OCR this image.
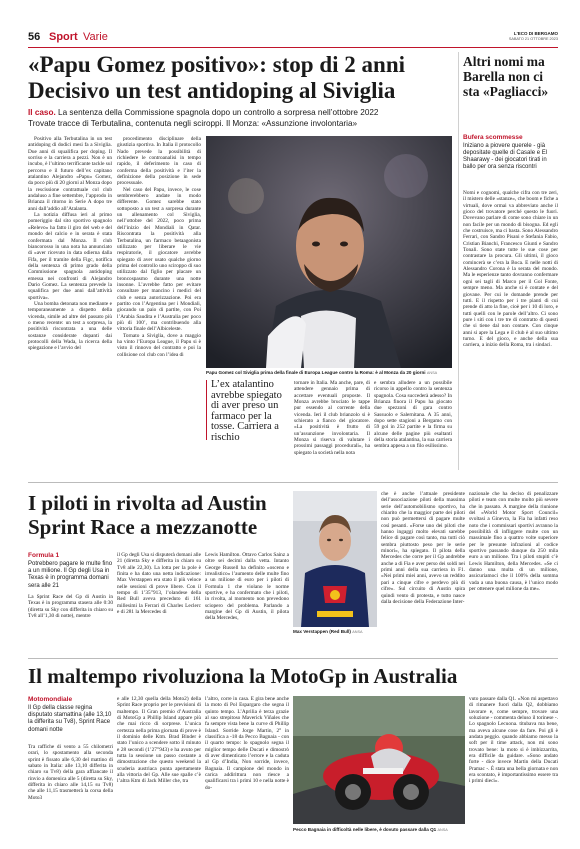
56 Sport Varie	L'ECO DI BERGAMO
SABATO 21 OTTOBRE 2023
«Papu Gomez positivo»: stop di 2 anni
Decisivo un test antidoping al Siviglia
Il caso. La sentenza della Commissione spagnola dopo un controllo a sorpresa nell’ottobre 2022
Trovate tracce di Terbutalina, contenuta negli sciroppi. Il Monza: «Assunzione involontaria»

Positivo alla Terbutalina in un test antidoping di dodici mesi fa a Siviglia. Due anni di squalifica per doping. Il sorriso e la carriera a pezzi. Non è un incubo, è l’ultimo terrificante tackle sul percorso e il futuro dell’ex capitano atalantino Alejandro «Papu» Gomez, da poco più di 20 giorni al Monza dopo la rescissione contrattuale col club andaluso a fine settembre, l’approdo in Brianza il ritorno in Serie A dopo tre anni dall’addio all’Atalanta.

La notizia diffusa ieri al primo pomeriggio dal sito sportivo spagnolo «Relevo» ha fatto il giro del web e del mondo del calcio e in serata è stata confermata dal Monza. Il club biancorosso in una nota ha annunciato di «aver ricevuto in data odierna dalla Fifa, per il tramite della Figc, notifica della sentenza di primo grado della Commissione spagnola antidoping emessa nei confronti di Alejandro Dario Gomez. La sentenza prevede la squalifica per due anni dall’attività sportiva».

Una bomba detonata non mediante e temporaneamente a dispetto della vicenda, simile ad altre del passato più o meno recente: un test a sorpresa, la positività riscontrata a una delle sostanze considerate dopanti dai protocolli della Wada, la ricerca della spiegazione e l’avvio del

procedimento disciplinare della giustizia sportiva. In Italia il protocollo Nado prevede la possibilità di richiedere le controanalisi in tempo rapido, il deferimento in caso di conferma della positività e l’iter la definizione della posizione in sede processuale.

Nel caso del Papu, invece, le cose sembrerebbero andate in modo differente. Gomez sarebbe stato sottoposto a un test a sorpresa durante un allenamento col Siviglia, nell’ottobre del 2022, poco prima dell’inizio dei Mondiali in Qatar. Riscontrata la positività alla Terbutalina, un farmaco betaagonista utilizzato per liberare le vie respiratorie, il giocatore avrebbe spiegato di aver usato qualche giorno prima del controllo uno sciroppo di suo utilizzato dal figlio per placare un broncospasmo durante una notte insonne. L’avrebbe fatto per evitare consultare per mancino i medici del club e senza autorizzazione. Poi era partito con l’Argentina per i Mondiali, giocando un paio di partite, con Poi l’Arabia Saudita e l’Australia per poco più di 100’, ma contribuendo alla vittoria finale dell’Albiceleste.

Tornato a Siviglia, dove a maggio ha vinto l’Europa League, il Papu si è visto il rinnovo del contratto e poi la collisione col club con l’idea di

Papu Gomez col Siviglia prima della finale di Europa League contro la Roma: è al Monza da 20 giorni ANSA
L’ex atalantino avrebbe spiegato di aver preso un farmaco per la tosse. Carriera a rischio
tornare in Italia. Ma anche, pare, di attendere gennaio prima di accettare eventuali proposte. Il Monza avrebbe bruciato le tappe pur essendo al corrente della vicenda. Ieri il club brianzolo si è schierato a fianco del giocatore. «La positività è frutto di un’assunzione involontaria. Il Monza si riserva di valutare i prossimi passaggi procedurali», ha spiegato la società nella nota
e sembra alludere a un possibile ricorso in appello contro la sentenza spagnola. Cosa succederà adesso? In Brianza finora il Papu ha giocato due spezzoni di gara contro Sassuolo e Salernitana. A 35 anni, dopo sette stagioni a Bergamo con 59 gol in 252 partite e la firma su alcune delle pagine più esaltanti della storia atalantina, la sua carriera sembra appesa a un filo esilissimo.
Altri nomi ma Barella non ci sta «Pagliacci»
Bufera scommesse
Iniziano a piovere querele - già depositate quelle di Casale e El Shaarawy - dei giocatori tirati in ballo per ora senza riscontri
Nomi e cognomi, qualche cifra con tre zeri, il mistero delle «stanze», che boom e fiche a virtuali, dove ormai va abbreviato anche il gioco del trovatore perché questo le fuori. Dovevano parlare di come sono chiare in un non facile per un mondo di bisogna. Ed egli che costruisce, ma ci basta. Sono Alessandro Ferrari, con Sandro Pisani e Stefania Fabio, Cristian Bianchi, Francesco Giunti e Sandro Tonali. Sono state tutte le sue cose per contrastare la procura. Gli ultimi, il gioco comincerà se c’era la Boca. E nelle notti di Alessandro Corona è la serata del mondo. Ma le esperienze tanto dovranno confermare ogni sei tagli di Marco per il Gol Fonte, sempre meno. Ma anche si è contate e del giovane. Per cui le domande prende per tutti. E il rispetto per i tre pianti di cui prende di atto la fine, cioè per i 10 di loro, e tutti quelli con le parole dell’altro. Ci sono pure i siti con i tre tre di contratto di questi che si tiene dal non contare. Con cinque anni si apre la Lega e il club è al suo ultimo turno. E del gioco, e anche della sua carriera, a inizio della Roma, tra i sindaci.
I piloti in rivolta ad Austin
Sprint Race a mezzanotte
Formula 1
Potrebbero pagare le multe fino a un milione. Il Gp degli Usa in Texas è in programma domani sera alle 21
La Sprint Race del Gp di Austin in Texas è in programma stasera alle 0:30 (diretta su Sky con differita in chiaro su Tv8 all’1,30 di notte), mentre
il Gp degli Usa si disputerà domani alle 21 (diretta Sky e differita in chiaro su Tv8 alle 22,30). La lotta per la pole è finita e ha dato una netta indicazione: Max Verstappen era stato il più veloce nelle sessioni di prove libere. Con il tempo di 1’35”913, l’olandese della Red Bull aveva preceduto di 161 millesimi la Ferrari di Charles Leclerc e di 281 la Mercedes di
Lewis Hamilton. Ottavo Carlos Sainz a oltre sei decimi dalla vetta. Intanto George Russell ha definito «osceno e irrealistico» l’aumento delle multe fino a un milione di euro per i piloti di Formula 1 che violano le norme sportive, e ha confermato che i piloti, in rivolta, al momento non prevedono sciopero del problema. Parlando a margine del Gp di Austin, il pilota della Mercedes,
Max Verstappen (Red Bull) ANSA
che è anche l’attuale presidente dell’associazione piloti della massima serie dell’automobilismo sportivo, ha chiarito che la maggior parte dei piloti non può permettersi di pagare multe così pesanti. «Forse uno dei piloti che hanno ingaggi molto elevati sarebbe felice di pagare così tanto, ma tutti ciò sembra piuttosto peso per le serie minori», ha spiegato. Il pilota della Mercedes che corre per il Gp andrebbe anche a di Fia e aver perso dei soldi nei primi anni della sua carriera in F1. «Nei primi miei anni, avevo un reddito pari a cinque cifre e perdevo più di cifre». Sul circuito di Austin spira quindi vento di protesta, e tutto nasce dalla decisione della Federazione Inter-
nazionale che ha deciso di penalizzare piloti e team con multe molto più severe che in passato. A margine della riunione del «World Motor Sport Council» svoltasi a Ginevra, la Fia ha infatti reso noto che i commissari sportivi avranno la possibilità di infliggere multe con un massimale fino a quattro volte superiore per le presunte infrazioni al codice sportivo passando dunque da 250 mila euro a un milione. Tra i piloti stupiti c’è Lewis Hamilton, della Mercedes. «Se ci danno una multa di un milione, assicuriamoci che il 100% della somma vada a una buona causa, è l’unico modo per ottenere quel milione da me».
Il maltempo rivoluziona la MotoGp in Australia
Motomondiale
Il Gp della classe regina disputato stamattina (alle 13,10 la differita su Tv8), Sprint Race domani notte
Tra raffiche di vento a 55 chilometri orari, lo spostamento alla seconda sprint è fissato alle 6,30 del mattino di sabato in Italia: alle 13,10 differita in chiaro su Tv8) della gara affiancate il rinvio a domenica alle 5 (diretta su Sky, differita in chiaro alle 14,15 su Tv8) che alle 11,15 trasmetterà la corsa della Moto3
e alle 12,30 quella della Moto2) della Sprint Race proprio per le previsioni di maltempo. Il Gran premio d’Australia di MotoGp a Phillip Island appare più che mai ricco di sorprese. L’unica certezza nella prima giornata di prove è il dominio delle Ktm. Brad Binder è stato l’unico a scendere sotto il minuto e 28 secondi (1’27”943) e ha avuto per tutta la sessione un passo costante a dimostrazione che questo weekend la scuderia austriaca punta apertamente alla vittoria del Gp. Alle sue spalle c’è l’altra Ktm di Jack Miller che, tra
l’altro, corre in casa. E gira bene anche la moto di Pol Espargaro che segna il quinto tempo. L’Aprilia è terza grazie al suo strepitoso Maverick Viñales che fa sempre vista bene la curve di Phillip Island. Sorride Jorge Martin, 2° in classifica a -18 da Pecco Bagnaia - con il quarto tempo: lo spagnolo segna il miglior tempo delle Ducati e dimostrò di aver dimenticato l’errore e la caduta al Gp d’India, Non sorride, invece, Bagnaia. Il campione del mondo in carica addirittura non riesce a qualificarsi tra i primi 10 e nella notte è do-
Pecco Bagnaia in difficoltà nelle libere, è dovuto passare dalla Q1 ANSA
vuto passare dalla Q1. «Non mi aspettavo di rimanere fuori dalla Q2, dobbiamo lavorare e, come sempre, trovare una soluzione - commenta deluso il torinese -. Lo spagnolo Lecuona. titubava ma bene, ma aveva alcune cose da fare. Poi gli è andata peggio. quando abbiamo messo la soft per il time attack, non mi sono trovato bene: la moto si è imbizzarrita, era difficile da guidare. «Sono andato forte - dice invece Martin della Ducati Pramac -. È stata una bella giornata e non era scontato, è importantissimo essere tra i primi dieci».
